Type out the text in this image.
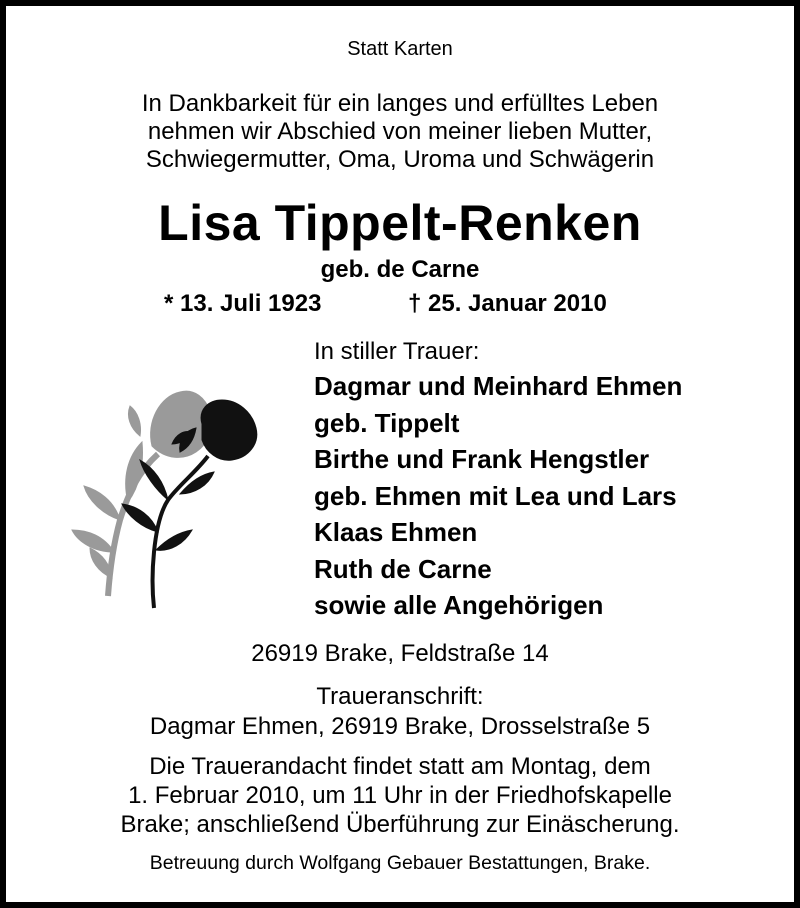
Statt Karten
In Dankbarkeit für ein langes und erfülltes Leben
nehmen wir Abschied von meiner lieben Mutter,
Schwiegermutter, Oma, Uroma und Schwägerin
Lisa Tippelt-Renken
geb. de Carne
* 13. Juli 1923	† 25. Januar 2010
In stiller Trauer:
Dagmar und Meinhard Ehmen
geb. Tippelt
Birthe und Frank Hengstler
geb. Ehmen mit Lea und Lars
Klaas Ehmen
Ruth de Carne
sowie alle Angehörigen
26919 Brake, Feldstraße 14
Traueranschrift:
Dagmar Ehmen, 26919 Brake, Drosselstraße 5
Die Trauerandacht findet statt am Montag, dem
1. Februar 2010, um 11 Uhr in der Friedhofskapelle
Brake; anschließend Überführung zur Einäscherung.
Betreuung durch Wolfgang Gebauer Bestattungen, Brake.
